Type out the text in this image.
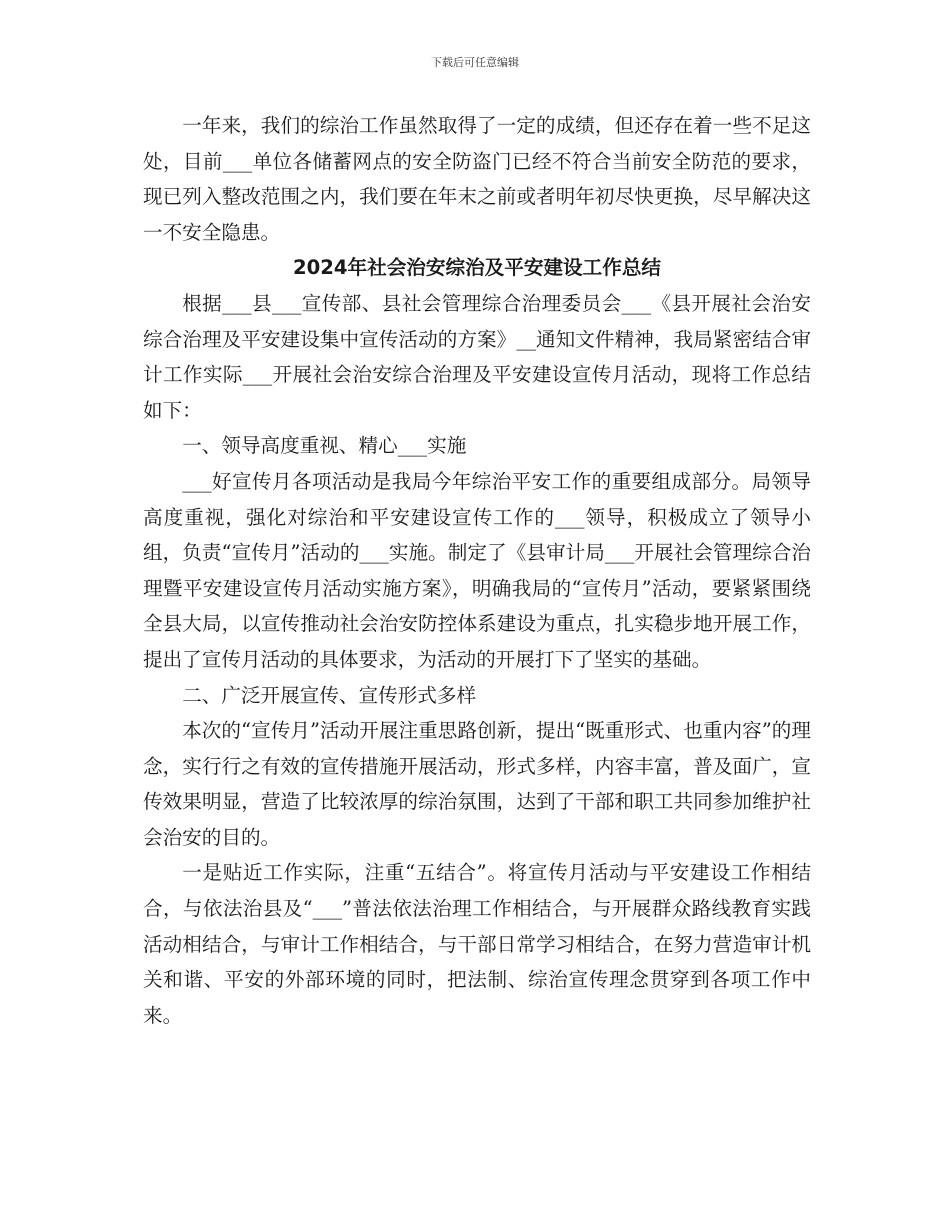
下载后可任意编辑

一年来，我们的综治工作虽然取得了一定的成绩，但还存在着一些不足这处，目前___单位各储蓄网点的安全防盗门已经不符合当前安全防范的要求，现已列入整改范围之内，我们要在年末之前或者明年初尽快更换，尽早解决这一不安全隐患。

2024年社会治安综治及平安建设工作总结

根据___县___宣传部、县社会管理综合治理委员会___《县开展社会治安综合治理及平安建设集中宣传活动的方案》__通知文件精神，我局紧密结合审计工作实际___开展社会治安综合治理及平安建设宣传月活动，现将工作总结如下：

一、领导高度重视、精心___实施

___好宣传月各项活动是我局今年综治平安工作的重要组成部分。局领导高度重视，强化对综治和平安建设宣传工作的___领导，积极成立了领导小组，负责“宣传月”活动的___实施。制定了《县审计局___开展社会管理综合治理暨平安建设宣传月活动实施方案》，明确我局的“宣传月”活动，要紧紧围绕全县大局，以宣传推动社会治安防控体系建设为重点，扎实稳步地开展工作，提出了宣传月活动的具体要求，为活动的开展打下了坚实的基础。

二、广泛开展宣传、宣传形式多样

本次的“宣传月”活动开展注重思路创新，提出“既重形式、也重内容”的理念，实行行之有效的宣传措施开展活动，形式多样，内容丰富，普及面广，宣传效果明显，营造了比较浓厚的综治氛围，达到了干部和职工共同参加维护社会治安的目的。

一是贴近工作实际，注重“五结合”。将宣传月活动与平安建设工作相结合，与依法治县及“___”普法依法治理工作相结合，与开展群众路线教育实践活动相结合，与审计工作相结合，与干部日常学习相结合，在努力营造审计机关和谐、平安的外部环境的同时，把法制、综治宣传理念贯穿到各项工作中来。
